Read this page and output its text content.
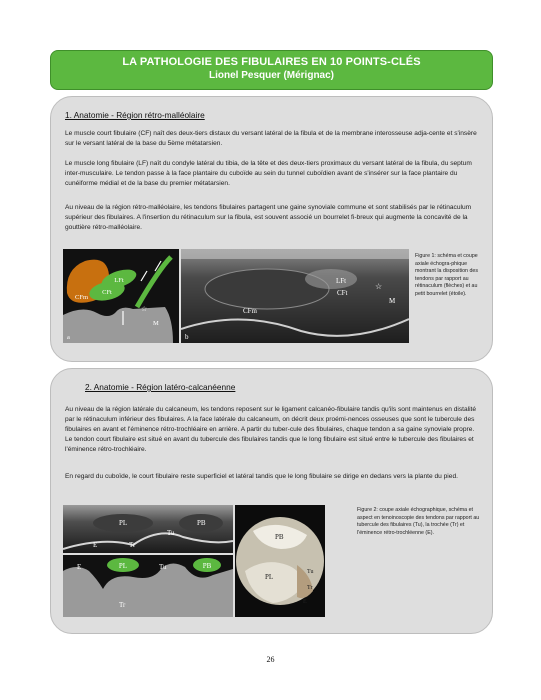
LA PATHOLOGIE DES FIBULAIRES EN 10 POINTS-CLÉS
Lionel Pesquer (Mérignac)
1. Anatomie - Région rétro-malléolaire
Le muscle court fibulaire (CF) naît des deux-tiers distaux du versant latéral de la fibula et de la membrane interosseuse adja-cente et s'insère sur le versant latéral de la base du 5ème métatarsien.
Le muscle long fibulaire (LF) naît du condyle latéral du tibia, de la tête et des deux-tiers proximaux du versant latéral de la fibula, du septum inter-musculaire. Le tendon passe à la face plantaire du cuboïde au sein du tunnel cuboïdien avant de s'insérer sur la face plantaire du cunéiforme médial et de la base du premier métatarsien.
Au niveau de la région rétro-malléolaire, les tendons fibulaires partagent une gaine synoviale commune et sont stabilisés par le rétinaculum supérieur des fibulaires. A l'insertion du rétinaculum sur la fibula, est souvent associé un bourrelet fi-breux qui augmente la concavité de la gouttière rétro-malléolaire.
LFt
CFt
CFm
M
a
☆
LFt
CFt
CFm
M
b
☆
Figure 1: schéma et coupe axiale échogra-phique montrant la disposition des tendons par rapport au rétinaculum (flèches) et au petit bourrelet (étoile).
2. Anatomie - Région latéro-calcanéenne
Au niveau de la région latérale du calcaneum, les tendons reposent sur le ligament calcanéo-fibulaire tandis qu'ils sont maintenus en distalité par le rétinaculum inférieur des fibulaires. A la face latérale du calcaneum, on décrit deux proémi-nences osseuses que sont le tubercule des fibulaires en avant et l'éminence rétro-trochléaire en arrière. A partir du tuber-cule des fibulaires, chaque tendon a sa gaine synoviale propre. Le tendon court fibulaire est situé en avant du tubercule des fibulaires tandis que le long fibulaire est situé entre le tubercule des fibulaires et l'éminence rétro-trochléaire.
En regard du cuboïde, le court fibulaire reste superficiel et latéral tandis que le long fibulaire se dirige en dedans vers la plante du pied.
PL	PB
Tu
Tr
E
PL	PB
E	Tu
Tr
PB
PL
Tu
Tr
E
Figure 2: coupe axiale échographique, schéma et aspect en tenoinoscopie des tendons par rapport au tubercule des fibulaires (Tu), la trochée (Tr) et l'éminence rétro-trochléenne (E).
26
